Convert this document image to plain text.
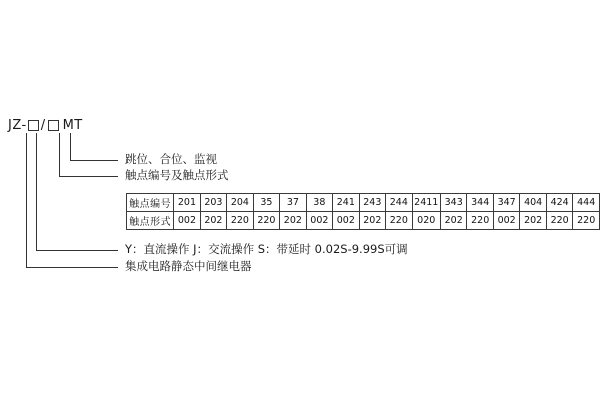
JZ- / MT
跳位、合位、监视
触点编号及触点形式
Y：直流操作 J：交流操作 S：带延时 0.02S-9.99S可调
集成电路静态中间继电器
触点编号	201	203	204	35	37	38	241	243	244	2411	343	344	347	404	424	444
触点形式	002	202	220	220	202	002	002	202	220	020	202	220	002	202	220	220
